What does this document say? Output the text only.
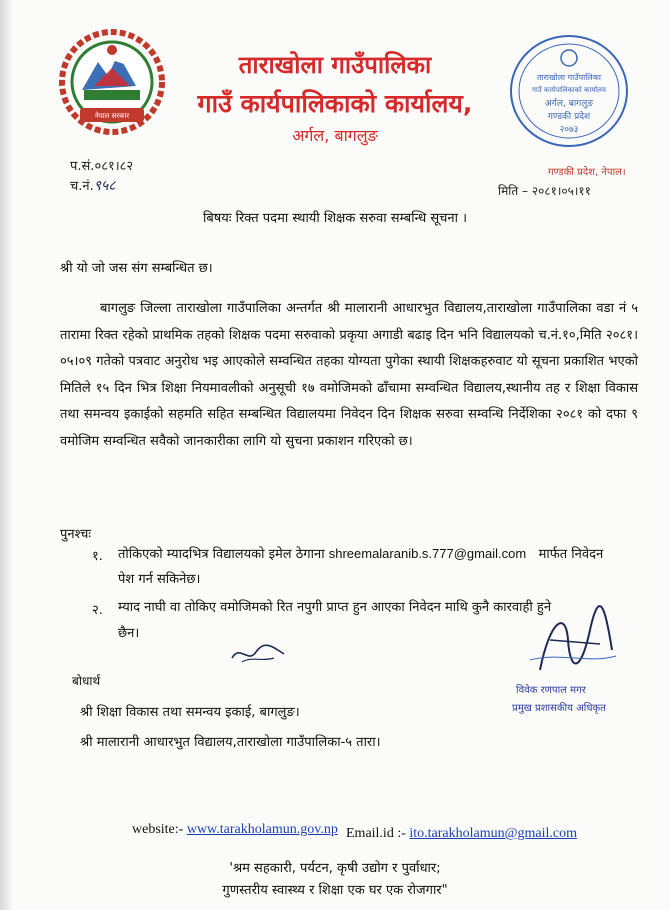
नेपाल सरकार
ताराखोला गाउँपालिका
गाउँ कार्यपालिकाको कार्यालय,
अर्गल, बागलुङ
ताराखोला गाउँपालिका
गाउँ कार्यपालिकाको कार्यालय
अर्गल, बागलुङ
गण्डकी प्रदेश
२०७३
प.सं.०८१।८२
च.नं.९५८
गण्डकी प्रदेश, नेपाल।
मिति – २०८१।०५।११
बिषयः रिक्त पदमा स्थायी शिक्षक सरुवा सम्बन्धि सूचना ।
श्री यो जो जस संग सम्बन्धित छ।
बागलुङ जिल्ला ताराखोला गाउँपालिका अन्तर्गत श्री मालारानी आधारभुत विद्यालय,ताराखोला गाउँपालिका वडा नं ५ तारामा रिक्त रहेको प्राथमिक तहको शिक्षक पदमा सरुवाको प्रकृया अगाडी बढाइ दिन भनि विद्यालयको च.नं.१०,मिति २०८१।०५।०९ गतेको पत्रवाट अनुरोध भइ आएकोले सम्वन्धित तहका योग्यता पुगेका स्थायी शिक्षकहरुवाट यो सूचना प्रकाशित भएको मितिले १५ दिन भित्र शिक्षा नियमावलीको अनुसूची १७ वमोजिमको ढाँचामा सम्वन्धित विद्यालय,स्थानीय तह र शिक्षा विकास तथा समन्वय इकाईको सहमति सहित सम्बन्धित विद्यालयमा निवेदन दिन शिक्षक सरुवा सम्वन्धि निर्देशिका २०८१ को दफा ९ वमोजिम सम्वन्धित सवैको जानकारीका लागि यो सुचना प्रकाशन गरिएको छ।
पुनश्चः
१. तोकिएको म्यादभित्र विद्यालयको इमेल ठेगाना shreemalaranib.s.777@gmail.com मार्फत निवेदन
पेश गर्न सकिनेछ।
२. म्याद नाघी वा तोकिए वमोजिमको रित नपुगी प्राप्त हुन आएका निवेदन माथि कुनै कारवाही हुने
छैन।
विवेक रणपाल मगर
प्रमुख प्रशासकीय अधिकृत
बोधार्थ
श्री शिक्षा विकास तथा समन्वय इकाई, बागलुङ।
श्री मालारानी आधारभुत विद्यालय,ताराखोला गाउँपालिका-५ तारा।
website:- www.tarakholamun.gov.np Email.id :- ito.tarakholamun@gmail.com
'श्रम सहकारी, पर्यटन, कृषी उद्योग र पुर्वाधार;
गुणस्तरीय स्वास्थ्य र शिक्षा एक घर एक रोजगार"
